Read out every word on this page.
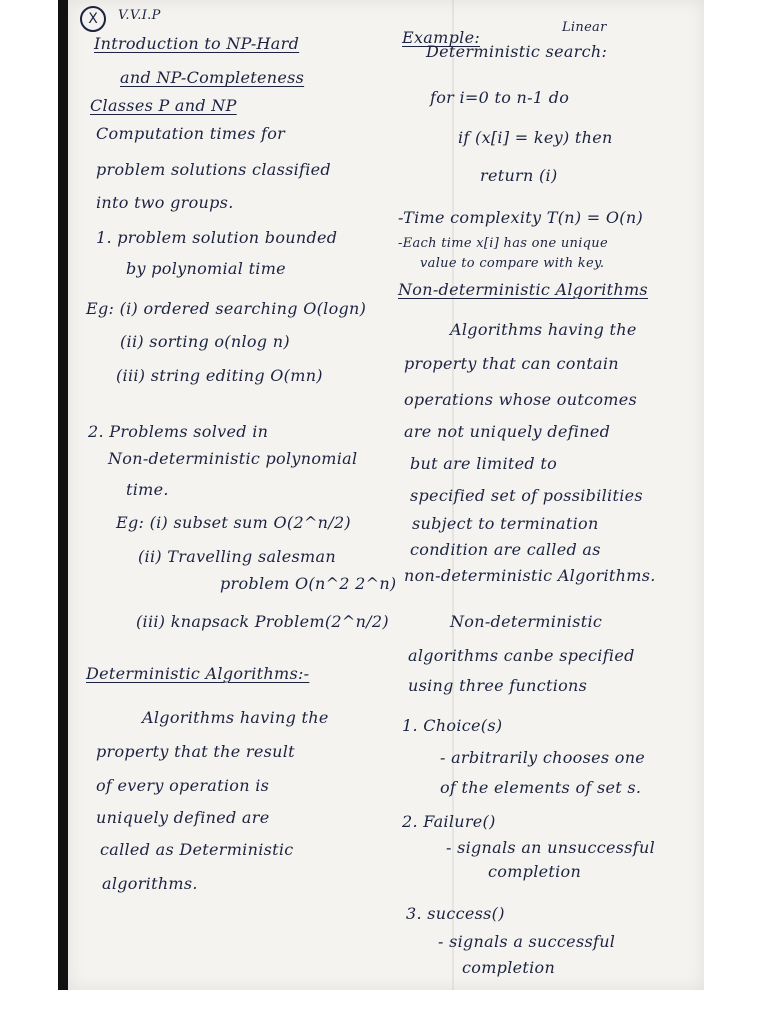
X	V.V.I.P
Introduction to NP-Hard
and NP-Completeness
Classes P and NP
Computation times for
problem solutions classified
into two groups.
1. problem solution bounded
by polynomial time
Eg: (i) ordered searching O(logn)
(ii) sorting o(nlog n)
(iii) string editing O(mn)
2. Problems solved in
Non-deterministic polynomial
time.
Eg: (i) subset sum O(2^n/2)
(ii) Travelling salesman
problem O(n^2 2^n)
(iii) knapsack Problem(2^n/2)
Deterministic Algorithms:-
Algorithms having the
property that the result
of every operation is
uniquely defined are
called as Deterministic
algorithms.
Example:
Linear
Deterministic search:
for i=0 to n-1 do
if (x[i] = key) then
return (i)
-Time complexity T(n) = O(n)
-Each time x[i] has one unique
value to compare with key.
Non-deterministic Algorithms
Algorithms having the
property that can contain
operations whose outcomes
are not uniquely defined
but are limited to
specified set of possibilities
subject to termination
condition are called as
non-deterministic Algorithms.
Non-deterministic
algorithms canbe specified
using three functions
1. Choice(s)
- arbitrarily chooses one
of the elements of set s.
2. Failure()
- signals an unsuccessful
completion
3. success()
- signals a successful
completion
